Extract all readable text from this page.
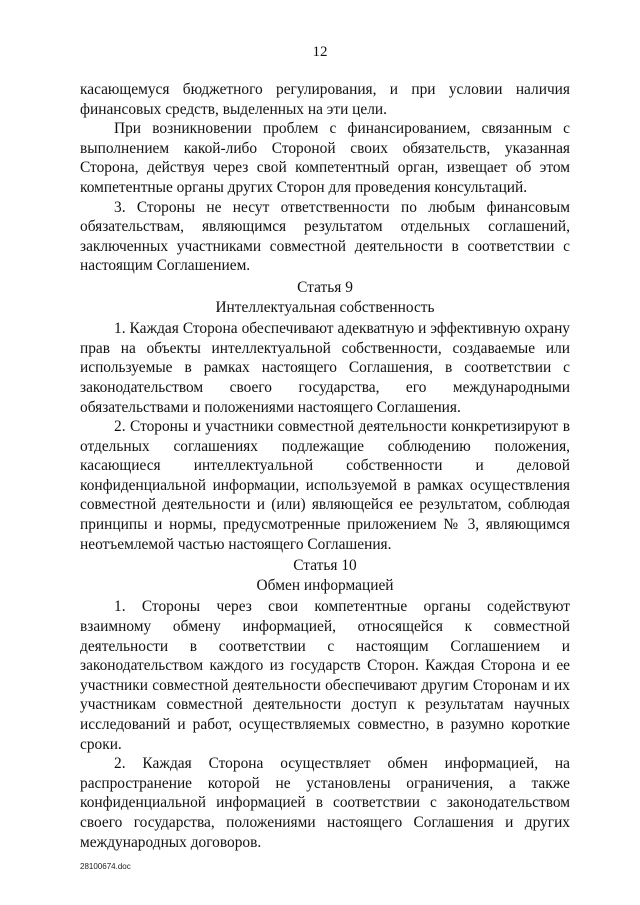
12

касающемуся бюджетного регулирования, и при условии наличия финансовых средств, выделенных на эти цели.

При возникновении проблем с финансированием, связанным с выполнением какой-либо Стороной своих обязательств, указанная Сторона, действуя через свой компетентный орган, извещает об этом компетентные органы других Сторон для проведения консультаций.

3. Стороны не несут ответственности по любым финансовым обязательствам, являющимся результатом отдельных соглашений, заключенных участниками совместной деятельности в соответствии с настоящим Соглашением.

Статья 9

Интеллектуальная собственность

1. Каждая Сторона обеспечивают адекватную и эффективную охрану прав на объекты интеллектуальной собственности, создаваемые или используемые в рамках настоящего Соглашения, в соответствии с законодательством своего государства, его международными обязательствами и положениями настоящего Соглашения.

2. Стороны и участники совместной деятельности конкретизируют в отдельных соглашениях подлежащие соблюдению положения, касающиеся интеллектуальной собственности и деловой конфиденциальной информации, используемой в рамках осуществления совместной деятельности и (или) являющейся ее результатом, соблюдая принципы и нормы, предусмотренные приложением № 3, являющимся неотъемлемой частью настоящего Соглашения.

Статья 10

Обмен информацией

1. Стороны через свои компетентные органы содействуют взаимному обмену информацией, относящейся к совместной деятельности в соответствии с настоящим Соглашением и законодательством каждого из государств Сторон. Каждая Сторона и ее участники совместной деятельности обеспечивают другим Сторонам и их участникам совместной деятельности доступ к результатам научных исследований и работ, осуществляемых совместно, в разумно короткие сроки.

2. Каждая Сторона осуществляет обмен информацией, на распространение которой не установлены ограничения, а также конфиденциальной информацией в соответствии с законодательством своего государства, положениями настоящего Соглашения и других международных договоров.

28100674.doc
